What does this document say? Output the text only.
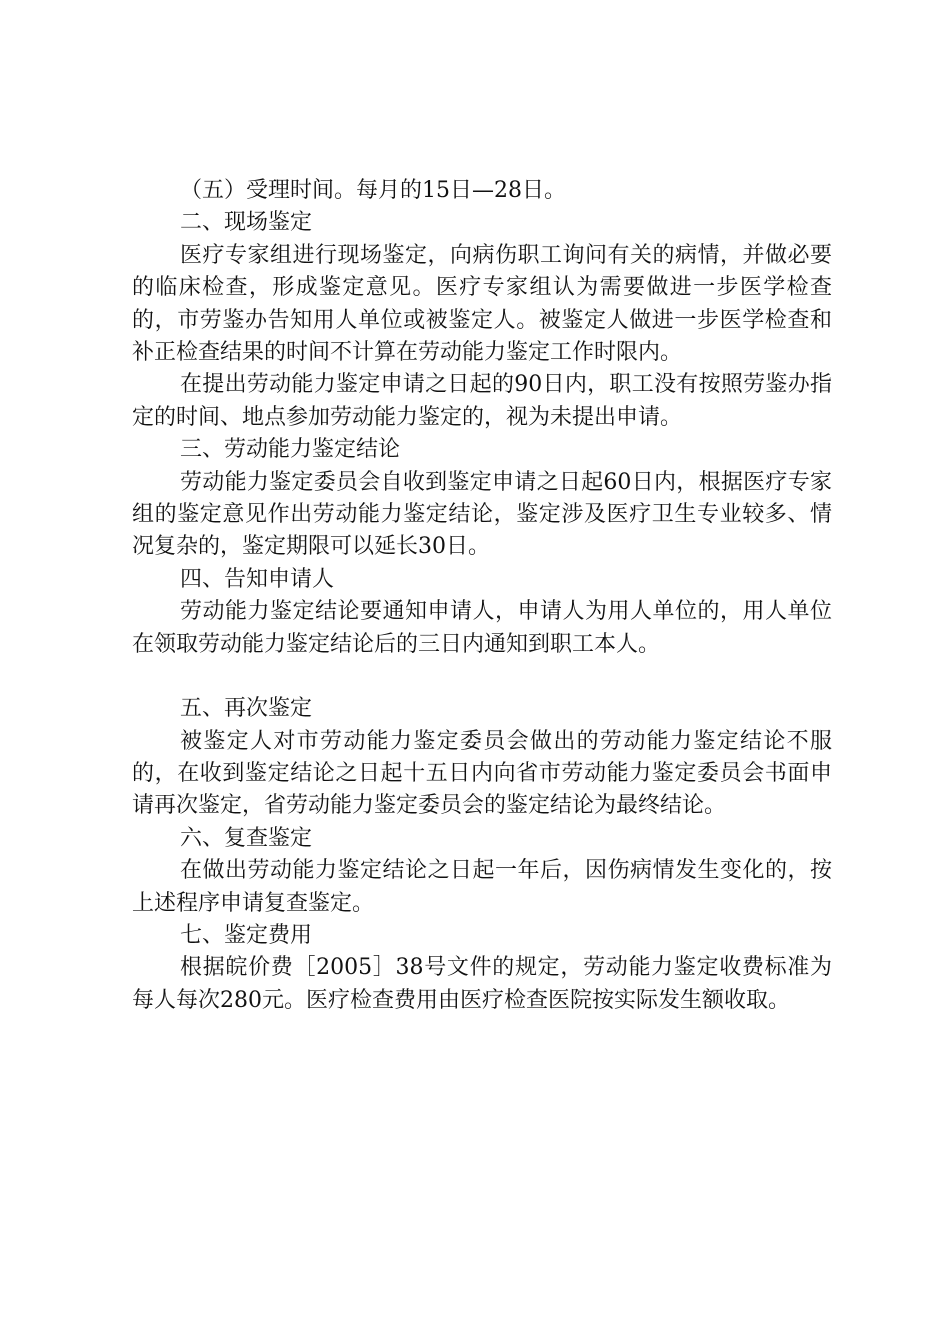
（五）受理时间。每月的15日—28日。

二、现场鉴定

医疗专家组进行现场鉴定，向病伤职工询问有关的病情，并做必要的临床检查，形成鉴定意见。医疗专家组认为需要做进一步医学检查的，市劳鉴办告知用人单位或被鉴定人。被鉴定人做进一步医学检查和补正检查结果的时间不计算在劳动能力鉴定工作时限内。

在提出劳动能力鉴定申请之日起的90日内，职工没有按照劳鉴办指定的时间、地点参加劳动能力鉴定的，视为未提出申请。

三、劳动能力鉴定结论

劳动能力鉴定委员会自收到鉴定申请之日起60日内，根据医疗专家组的鉴定意见作出劳动能力鉴定结论，鉴定涉及医疗卫生专业较多、情况复杂的，鉴定期限可以延长30日。

四、告知申请人

劳动能力鉴定结论要通知申请人，申请人为用人单位的，用人单位在领取劳动能力鉴定结论后的三日内通知到职工本人。

五、再次鉴定

被鉴定人对市劳动能力鉴定委员会做出的劳动能力鉴定结论不服的，在收到鉴定结论之日起十五日内向省市劳动能力鉴定委员会书面申请再次鉴定，省劳动能力鉴定委员会的鉴定结论为最终结论。

六、复查鉴定

在做出劳动能力鉴定结论之日起一年后，因伤病情发生变化的，按上述程序申请复查鉴定。

七、鉴定费用

根据皖价费［2005］38号文件的规定，劳动能力鉴定收费标准为每人每次280元。医疗检查费用由医疗检查医院按实际发生额收取。
